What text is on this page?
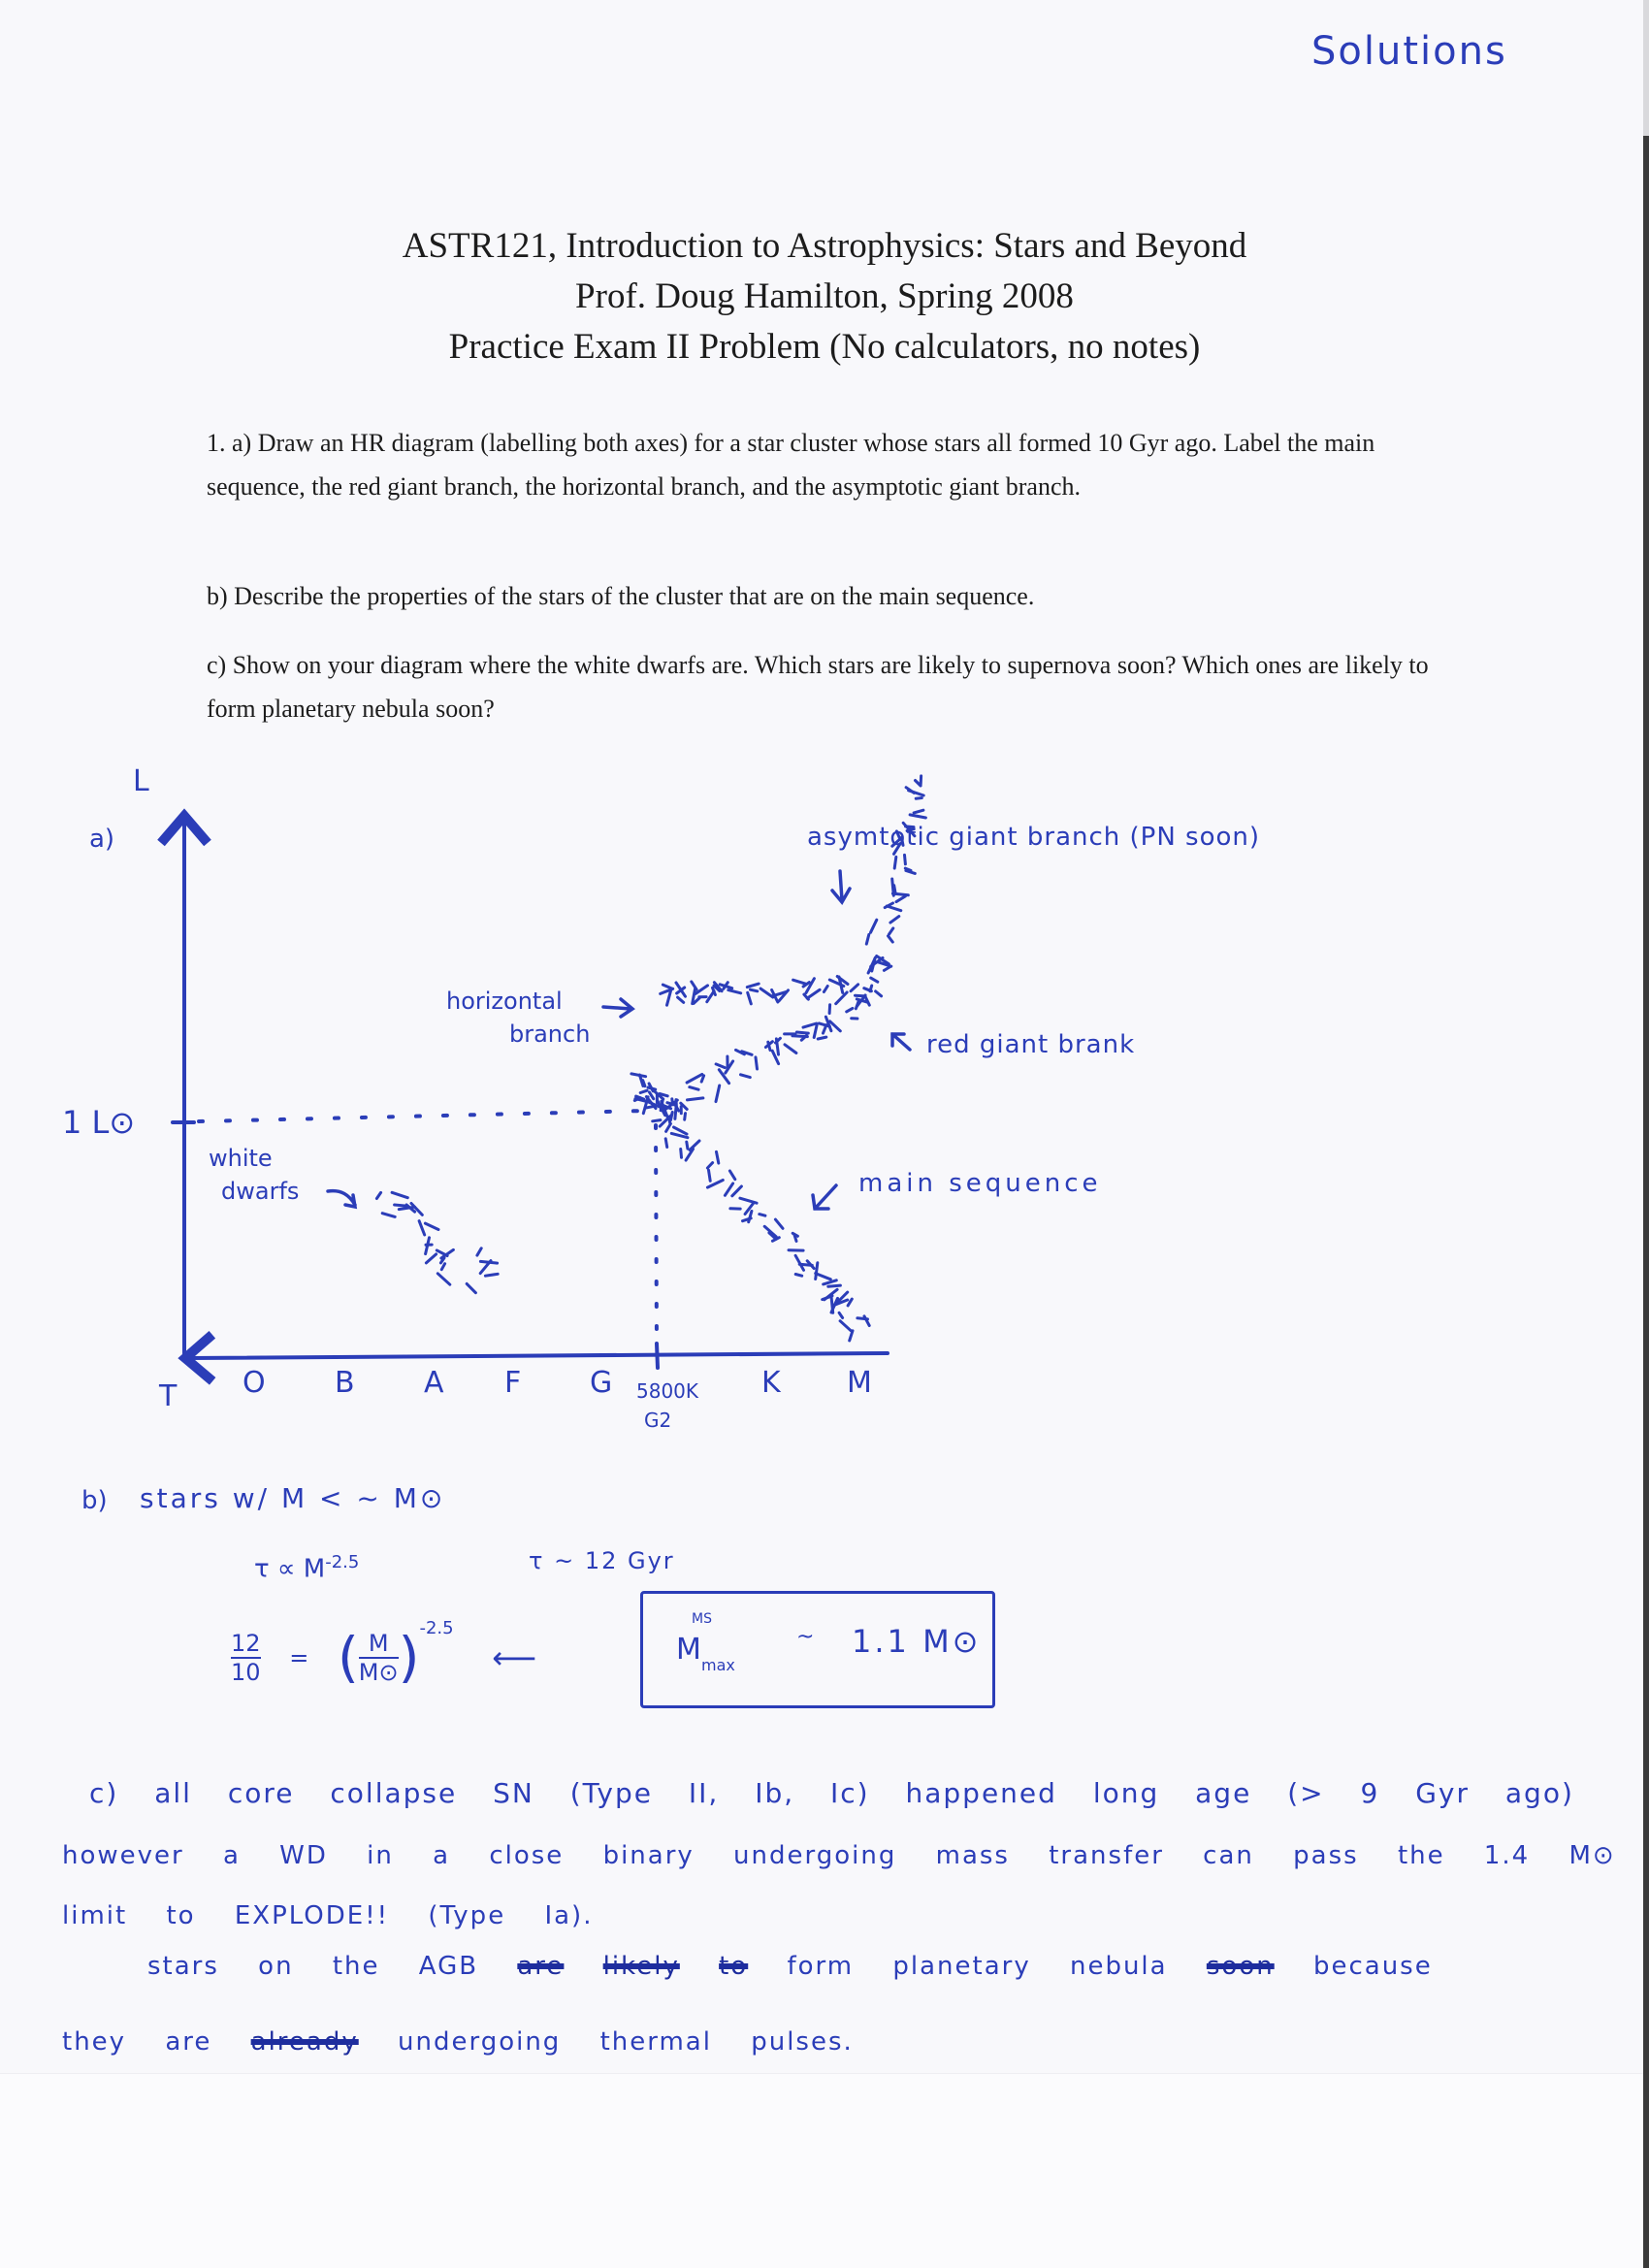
Solutions
ASTR121, Introduction to Astrophysics: Stars and Beyond
Prof. Doug Hamilton, Spring 2008
Practice Exam II Problem (No calculators, no notes)
1. a) Draw an HR diagram (labelling both axes) for a star cluster whose stars all formed 10 Gyr ago. Label the main sequence, the red giant branch, the horizontal branch, and the asymptotic giant branch.
b) Describe the properties of the stars of the cluster that are on the main sequence.
c) Show on your diagram where the white dwarfs are. Which stars are likely to supernova soon? Which ones are likely to form planetary nebula soon?
a)
L
1 L⊙
T O B A F G	K M
5800K
G2
asymtotic giant branch (PN soon)
horizontal
branch	red giant brank
main sequence
white
dwarfs
b) stars w/ M < ~ M⊙
$\tau \propto M^{-2.5}$	τ ~ 12 Gyr
$\frac{12}{10}$ = ( $\frac{M}{M⊙} )^{-2.5}$ ⟵	M
MS
max
~ 1.1 M⊙
c) all core collapse SN (Type II, Ib, Ic) happened long age (> 9 Gyr ago)
however a WD in a close binary undergoing mass transfer can pass the 1.4 M⊙
limit to EXPLODE!! (Type Ia).
stars on the AGB are likely to form planetary nebula soon because
they are already undergoing thermal pulses.
